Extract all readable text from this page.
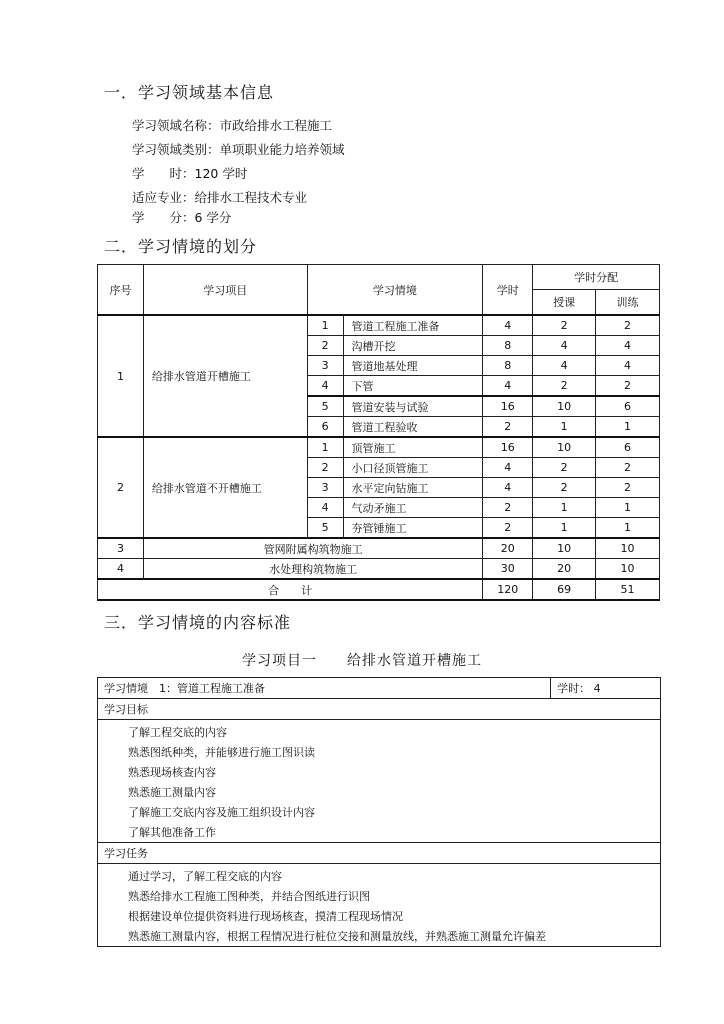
一．学习领域基本信息
学习领域名称：市政给排水工程施工
学习领域类别：单项职业能力培养领域
学　　时：120 学时
适应专业：给排水工程技术专业
学　　分：6 学分
二．学习情境的划分
序号	学习项目	学习情境		学时	学时分配	
					授课	训练
1	给排水管道开槽施工	1	管道工程施工准备	4	2	2
		2	沟槽开挖	8	4	4
		3	管道地基处理	8	4	4
		4	下管	4	2	2
		5	管道安装与试验	16	10	6
		6	管道工程验收	2	1	1
2	给排水管道不开槽施工	1	顶管施工	16	10	6
		2	小口径顶管施工	4	2	2
		3	水平定向钻施工	4	2	2
		4	气动矛施工	2	1	1
		5	夯管锤施工	2	1	1
3	管网附属构筑物施工			20	10	10
4	水处理构筑物施工			30	20	10
合　　计				120	69	51
三．学习情境的内容标准
学习项目一　　给排水管道开槽施工
学习情境　1：管道工程施工准备	学时： 4
学习目标
了解工程交底的内容
熟悉图纸种类，并能够进行施工图识读
熟悉现场核查内容
熟悉施工测量内容
了解施工交底内容及施工组织设计内容
了解其他准备工作
学习任务
通过学习，了解工程交底的内容
熟悉给排水工程施工图种类，并结合图纸进行识图
根据建设单位提供资料进行现场核查，摸清工程现场情况
熟悉施工测量内容，根据工程情况进行桩位交接和测量放线，并熟悉施工测量允许偏差
